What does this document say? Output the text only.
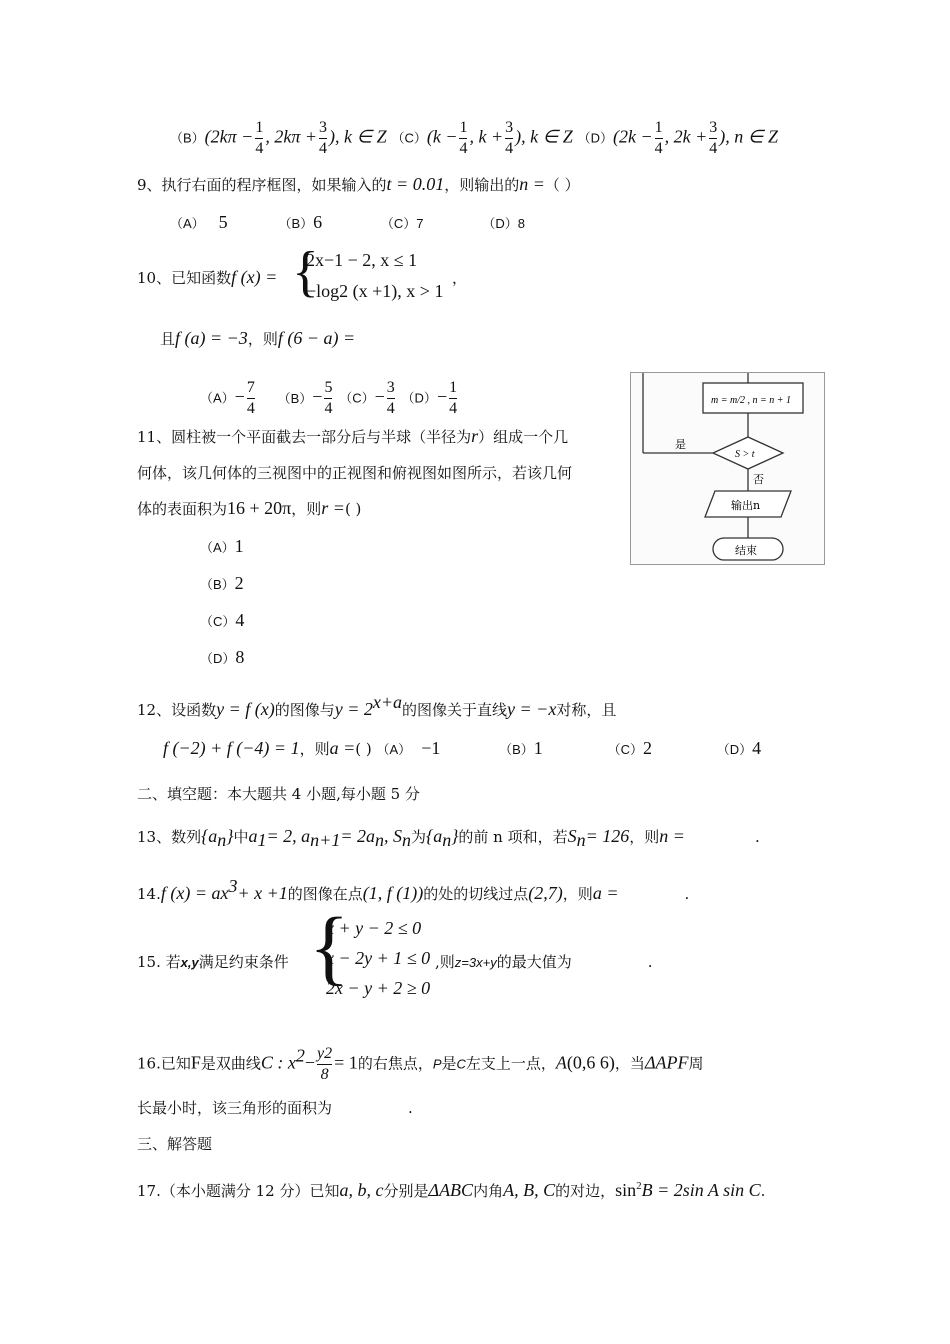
$(B)(2k\pi - \frac{1}{4}$ , $2k\pi + \frac{3}{4}$ ), k ∈ Z $(C)(k - \frac{1}{4}$ , $k + \frac{3}{4}$ ), k ∈ Z $(D)(2k - \frac{1}{4}$ , $2k + \frac{3}{4}$ ), n ∈ Z
9、执行右面的程序框图，如果输入的t = 0.01，则输出的n =（ ）
（A） 5	（B）6	（C）7	（D）8
10、已知函数f (x) = {
2x−1 − 2, x ≤ 1
−log2 (x +1), x > 1
，
且f (a) = −3，则f (6 − a) =
$(A)- \frac{7}{4} (B)- \frac{5}{4} (C)- \frac{3}{4} (D)- \frac{1}{4}$	m = m/2 , n = n + 1
S > t
是
否
输出n
结束
11、圆柱被一个平面截去一部分后与半球（半径为r）组成一个几
何体，该几何体的三视图中的正视图和俯视图如图所示，若该几何
体的表面积为16 + 20π，则r =( )
（A）1
（B）2
（C）4
（D）8
12、设函数y = f (x)的图像与y = 2x+a的图像关于直线y = −x对称，且
f (−2) + f (−4) = 1，则a =( ) （A） −1	（B）1	（C）2	（D）4
二、填空题：本大题共 4 小题,每小题 5 分
13、数列{an}中a1= 2, an+1= 2an, Sn为{an}的前 n 项和，若Sn= 126，则n =	.
14.f (x) = ax3+ x +1的图像在点(1, f (1))的处的切线过点(2,7)，则a =	.
15. 若x,y满足约束条件 {
x + y − 2 ≤ 0
x − 2y + 1 ≤ 0
2x − y + 2 ≥ 0
,则z=3x+y的最大值为	.
16.已知F是双曲线C : $x2- \frac{y2}{8} = 1$的右焦点，P是C左支上一点，A(0,6 6)，当ΔAPF周
长最小时，该三角形的面积为	.
三、解答题
17.（本小题满分 12 分）已知a, b, c分别是ΔABC内角A, B, C的对边，$\sin^2B = 2\sin$ A sin C.
